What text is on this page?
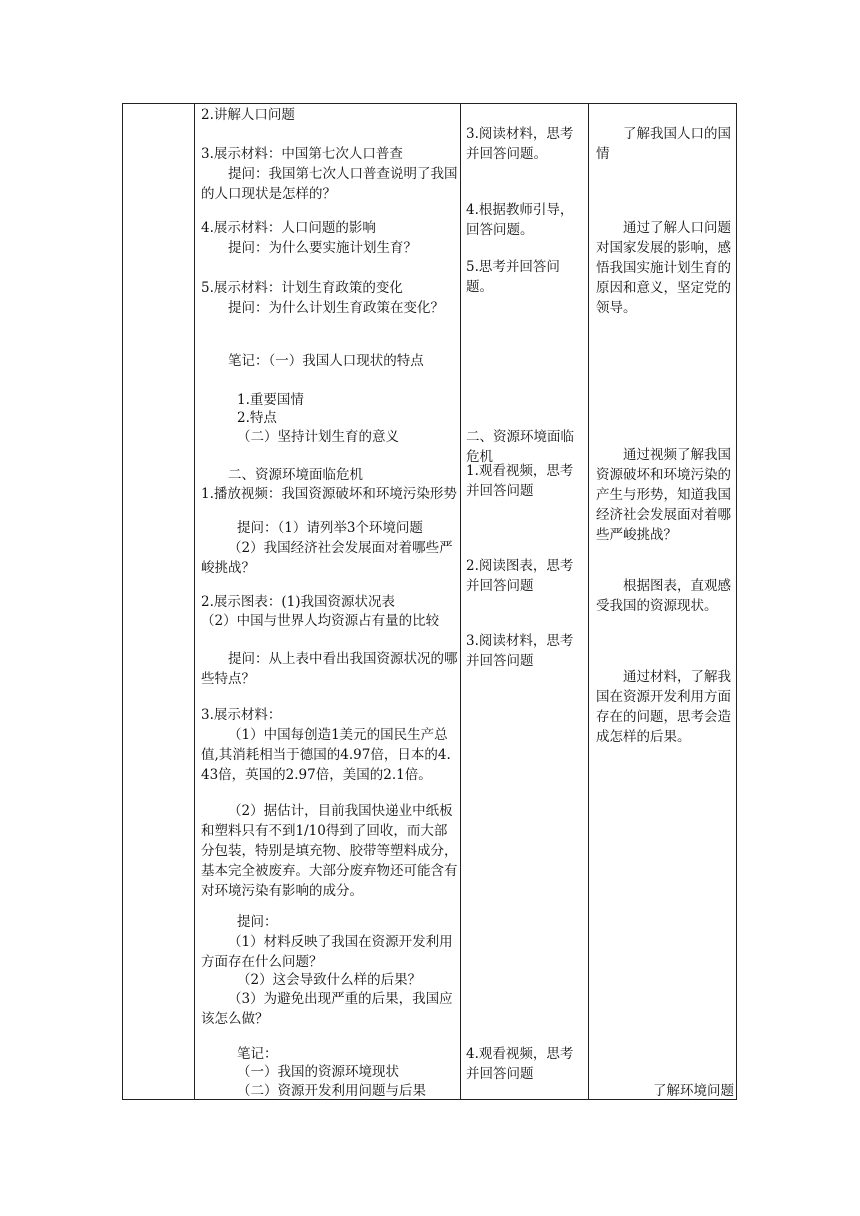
2.讲解人口问题
3.展示材料：中国第七次人口普查
提问：我国第七次人口普查说明了我国的人口现状是怎样的？
4.展示材料：人口问题的影响
提问：为什么要实施计划生育？
5.展示材料：计划生育政策的变化
提问：为什么计划生育政策在变化？
笔记：（一）我国人口现状的特点
1.重要国情
2.特点
（二）坚持计划生育的意义
二、资源环境面临危机
1.播放视频：我国资源破坏和环境污染形势
提问：（1）请列举3个环境问题
（2）我国经济社会发展面对着哪些严峻挑战？
2.展示图表：(1)我国资源状况表
（2）中国与世界人均资源占有量的比较
提问：从上表中看出我国资源状况的哪些特点？
3.展示材料：
（1）中国每创造1美元的国民生产总值,其消耗相当于德国的4.97倍，日本的4.43倍，英国的2.97倍，美国的2.1倍。
（2）据估计，目前我国快递业中纸板和塑料只有不到1/10得到了回收，而大部分包装，特别是填充物、胶带等塑料成分，基本完全被废弃。大部分废弃物还可能含有对环境污染有影响的成分。
提问：
（1）材料反映了我国在资源开发利用方面存在什么问题？
（2）这会导致什么样的后果？
（3）为避免出现严重的后果，我国应该怎么做？
笔记：
（一）我国的资源环境现状
（二）资源开发利用问题与后果
3.阅读材料，思考并回答问题。
4.根据教师引导，回答问题。
5.思考并回答问题。
二、资源环境面临危机
1.观看视频，思考并回答问题
2.阅读图表，思考并回答问题
3.阅读材料，思考并回答问题
4.观看视频，思考并回答问题
了解我国人口的国情
通过了解人口问题对国家发展的影响，感悟我国实施计划生育的原因和意义，坚定党的领导。
通过视频了解我国资源破坏和环境污染的产生与形势，知道我国经济社会发展面对着哪些严峻挑战？
根据图表，直观感受我国的资源现状。
通过材料，了解我国在资源开发利用方面存在的问题，思考会造成怎样的后果。
了解环境问题
